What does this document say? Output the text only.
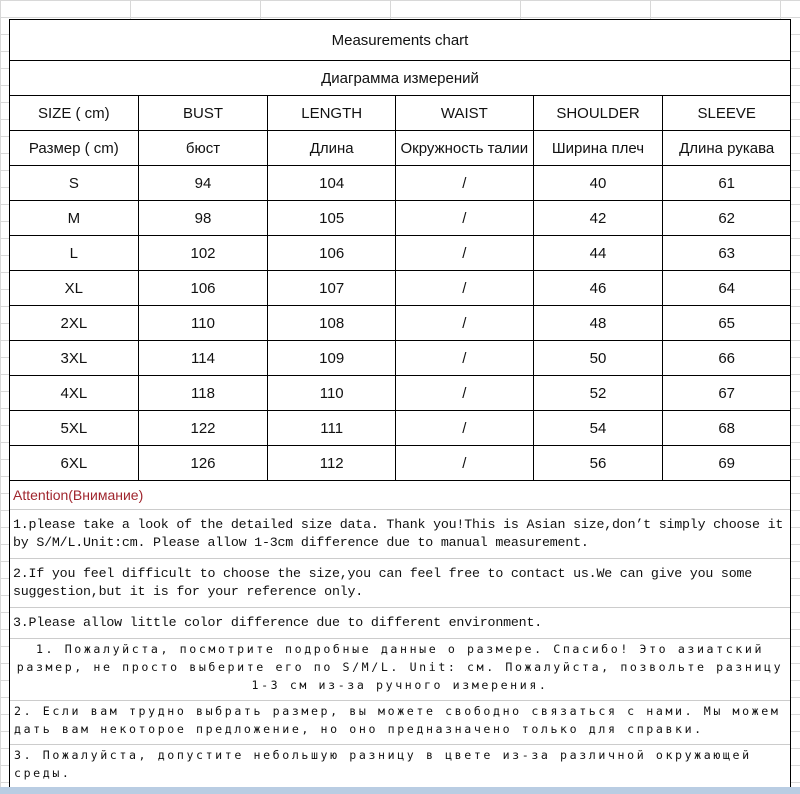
Measurements chart
Диаграмма измерений
SIZE ( cm)	BUST	LENGTH	WAIST	SHOULDER	SLEEVE
Размер ( cm)	бюст	Длина	Окружность талии	Ширина плеч	Длина рукава
S	94	104	/	40	61
M	98	105	/	42	62
L	102	106	/	44	63
XL	106	107	/	46	64
2XL	110	108	/	48	65
3XL	114	109	/	50	66
4XL	118	110	/	52	67
5XL	122	111	/	54	68
6XL	126	112	/	56	69
Attention(Внимание)
1.please take a look of the detailed size data. Thank you!This is Asian size,don’t simply choose it by S/M/L.Unit:cm. Please allow 1-3cm difference due to manual measurement.
2.If you feel difficult to choose the size,you can feel free to contact us.We can give you some suggestion,but it is for your reference only.
3.Please allow little color difference due to different environment.
1. Пожалуйста, посмотрите подробные данные о размере. Спасибо! Это азиатский размер, не просто выберите его по S/M/L. Unit: см. Пожалуйста, позвольте разницу 1-3 см из-за ручного измерения.
2. Если вам трудно выбрать размер, вы можете свободно связаться с нами. Мы можем дать вам некоторое предложение, но оно предназначено только для справки.
3. Пожалуйста, допустите небольшую разницу в цвете из-за различной окружающей среды.
